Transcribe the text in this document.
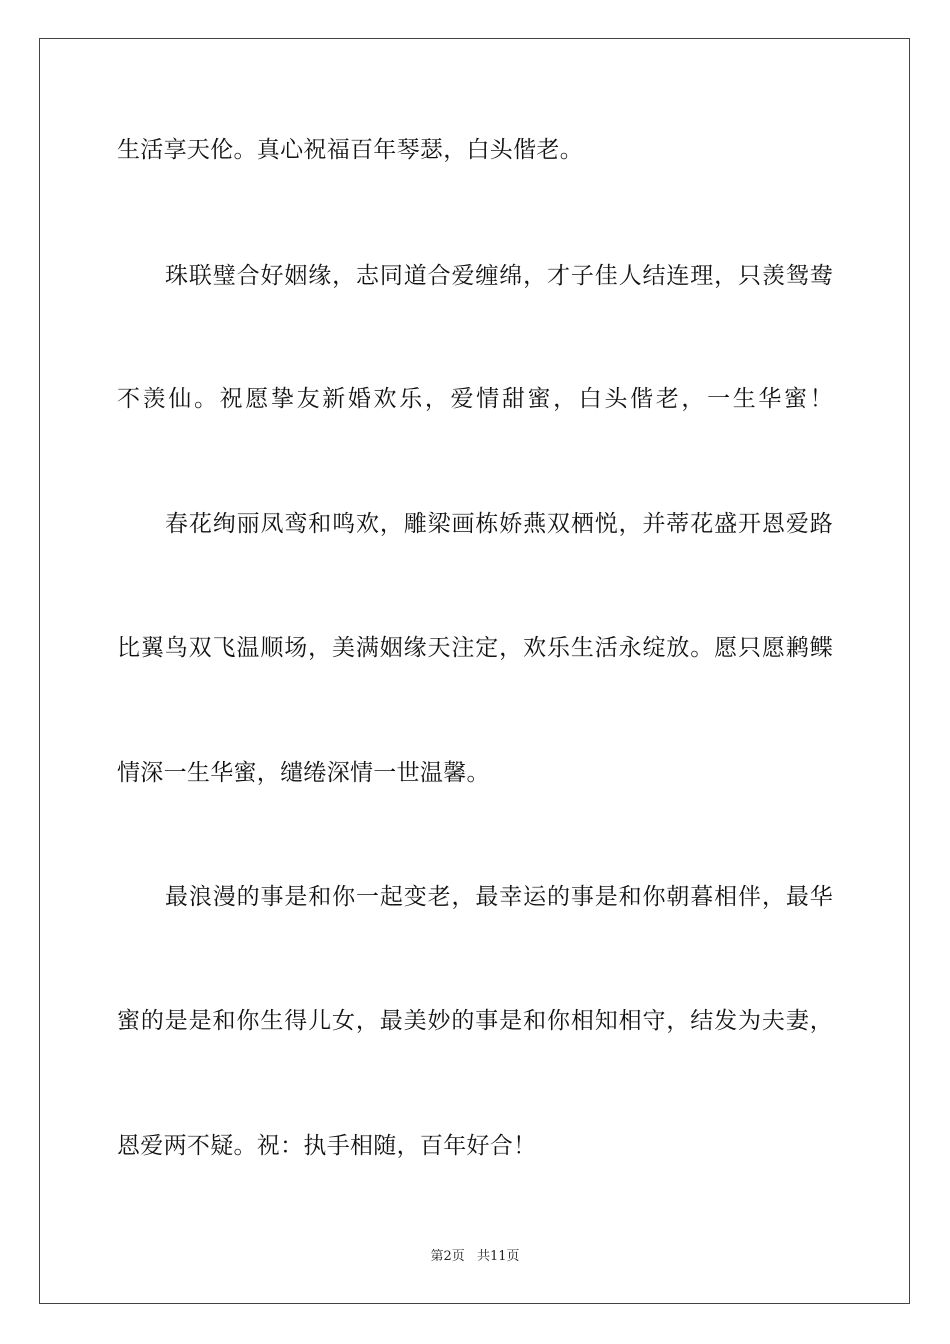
生活享天伦。真心祝福百年琴瑟，白头偕老。
珠联璧合好姻缘，志同道合爱缠绵，才子佳人结连理，只羡鸳鸯
不羡仙。祝愿挚友新婚欢乐，爱情甜蜜，白头偕老，一生华蜜！
春花绚丽凤鸾和鸣欢，雕梁画栋娇燕双栖悦，并蒂花盛开恩爱路
比翼鸟双飞温顺场，美满姻缘天注定，欢乐生活永绽放。愿只愿鹣鲽
情深一生华蜜，缱绻深情一世温馨。
最浪漫的事是和你一起变老，最幸运的事是和你朝暮相伴，最华
蜜的是是和你生得儿女，最美妙的事是和你相知相守，结发为夫妻，
恩爱两不疑。祝：执手相随，百年好合！
第2页 共11页
